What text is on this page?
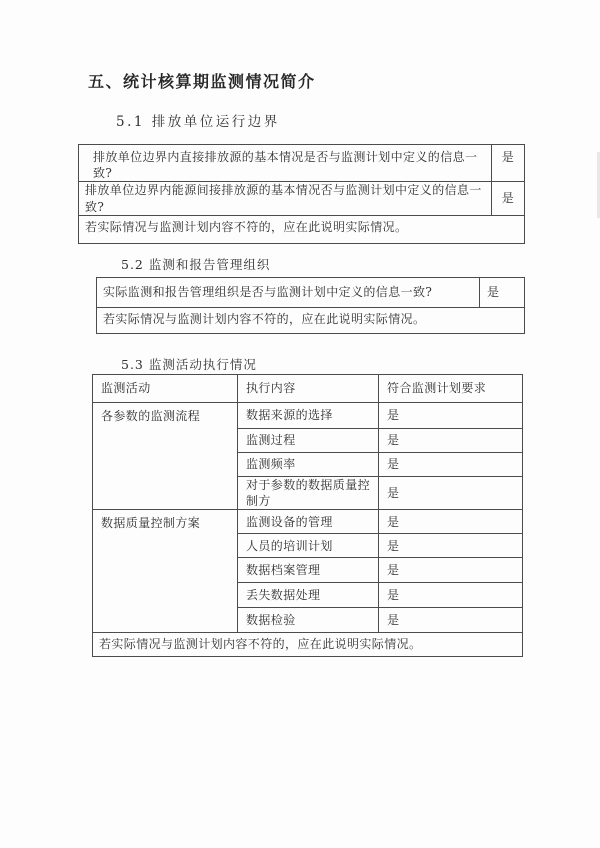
五、统计核算期监测情况简介
5.1 排放单位运行边界
排放单位边界内直接排放源的基本情况是否与监测计划中定义的信息一致?	是
排放单位边界内能源间接排放源的基本情况否与监测计划中定义的信息一致?	是
若实际情况与监测计划内容不符的，应在此说明实际情况。	
5.2 监测和报告管理组织
实际监测和报告管理组织是否与监测计划中定义的信息一致?	是
若实际情况与监测计划内容不符的，应在此说明实际情况。
5.3 监测活动执行情况
监测活动	执行内容	符合监测计划要求
各参数的监测流程	数据来源的选择	是
	监测过程	是
	监测频率	是
	对于参数的数据质量控制方	是
数据质量控制方案	监测设备的管理	是
	人员的培训计划	是
	数据档案管理	是
	丢失数据处理	是
	数据检验	是
若实际情况与监测计划内容不符的，应在此说明实际情况。		
